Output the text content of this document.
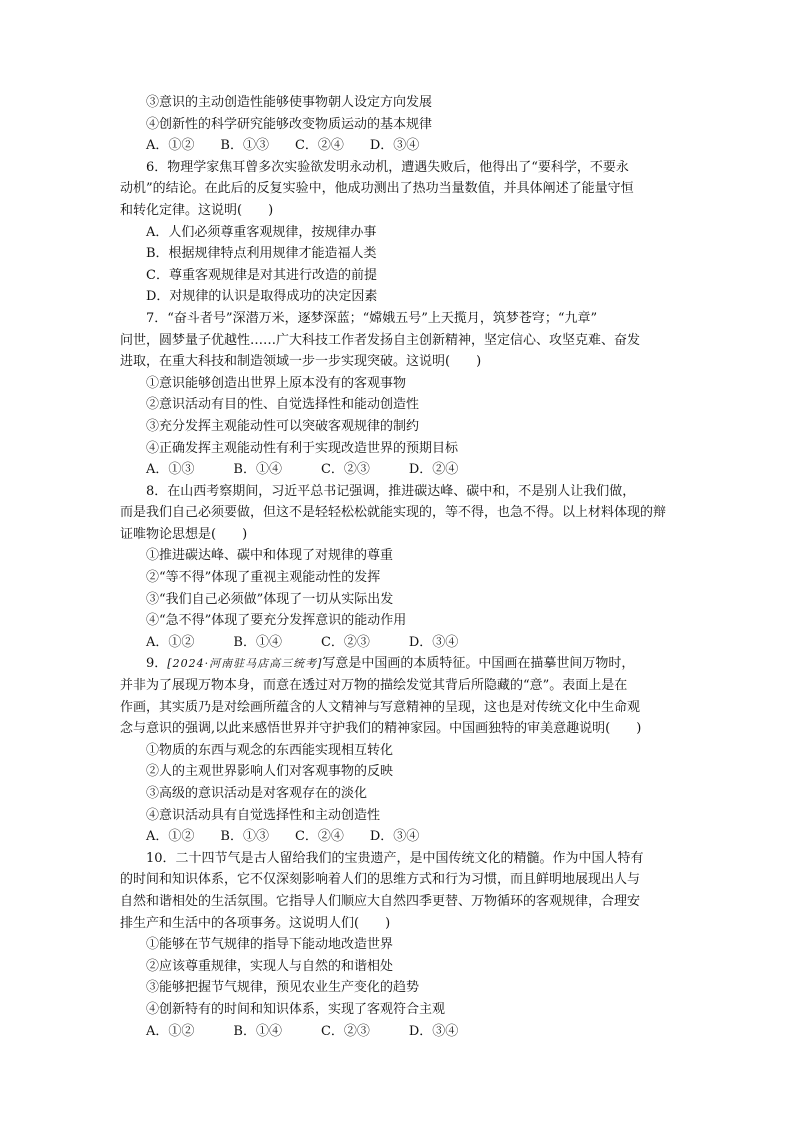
③意识的主动创造性能够使事物朝人设定方向发展
④创新性的科学研究能够改变物质运动的基本规律
A．①②　　B．①③　　C．②④　　D．③④
6．物理学家焦耳曾多次实验欲发明永动机，遭遇失败后，他得出了“要科学，不要永
动机”的结论。在此后的反复实验中，他成功测出了热功当量数值，并具体阐述了能量守恒
和转化定律。这说明(　　)
A．人们必须尊重客观规律，按规律办事
B．根据规律特点利用规律才能造福人类
C．尊重客观规律是对其进行改造的前提
D．对规律的认识是取得成功的决定因素
7．“奋斗者号”深潜万米，逐梦深蓝；“嫦娥五号”上天揽月，筑梦苍穹；“九章”
问世，圆梦量子优越性……广大科技工作者发扬自主创新精神，坚定信心、攻坚克难、奋发
进取，在重大科技和制造领域一步一步实现突破。这说明(　　)
①意识能够创造出世界上原本没有的客观事物
②意识活动有目的性、自觉选择性和能动创造性
③充分发挥主观能动性可以突破客观规律的制约
④正确发挥主观能动性有利于实现改造世界的预期目标
A．①③　　　B．①④　　　C．②③　　　D．②④
8．在山西考察期间，习近平总书记强调，推进碳达峰、碳中和，不是别人让我们做，
而是我们自己必须要做，但这不是轻轻松松就能实现的，等不得，也急不得。以上材料体现的辩
证唯物论思想是(　　)
①推进碳达峰、碳中和体现了对规律的尊重
②“等不得”体现了重视主观能动性的发挥
③“我们自己必须做”体现了一切从实际出发
④“急不得”体现了要充分发挥意识的能动作用
A．①②　　　B．①④　　　C．②③　　　D．③④
9．[2024·河南驻马店高三统考]写意是中国画的本质特征。中国画在描摹世间万物时，
并非为了展现万物本身，而意在透过对万物的描绘发觉其背后所隐藏的“意”。表面上是在
作画，其实质乃是对绘画所蕴含的人文精神与写意精神的呈现，这也是对传统文化中生命观
念与意识的强调,以此来感悟世界并守护我们的精神家园。中国画独特的审美意趣说明(　　)
①物质的东西与观念的东西能实现相互转化
②人的主观世界影响人们对客观事物的反映
③高级的意识活动是对客观存在的淡化
④意识活动具有自觉选择性和主动创造性
A．①②　　B．①③　　C．②④　　D．③④
10．二十四节气是古人留给我们的宝贵遗产，是中国传统文化的精髓。作为中国人特有
的时间和知识体系，它不仅深刻影响着人们的思维方式和行为习惯，而且鲜明地展现出人与
自然和谐相处的生活氛围。它指导人们顺应大自然四季更替、万物循环的客观规律，合理安
排生产和生活中的各项事务。这说明人们(　　)
①能够在节气规律的指导下能动地改造世界
②应该尊重规律，实现人与自然的和谐相处
③能够把握节气规律，预见农业生产变化的趋势
④创新特有的时间和知识体系，实现了客观符合主观
A．①②　　　B．①④　　　C．②③　　　D．③④
